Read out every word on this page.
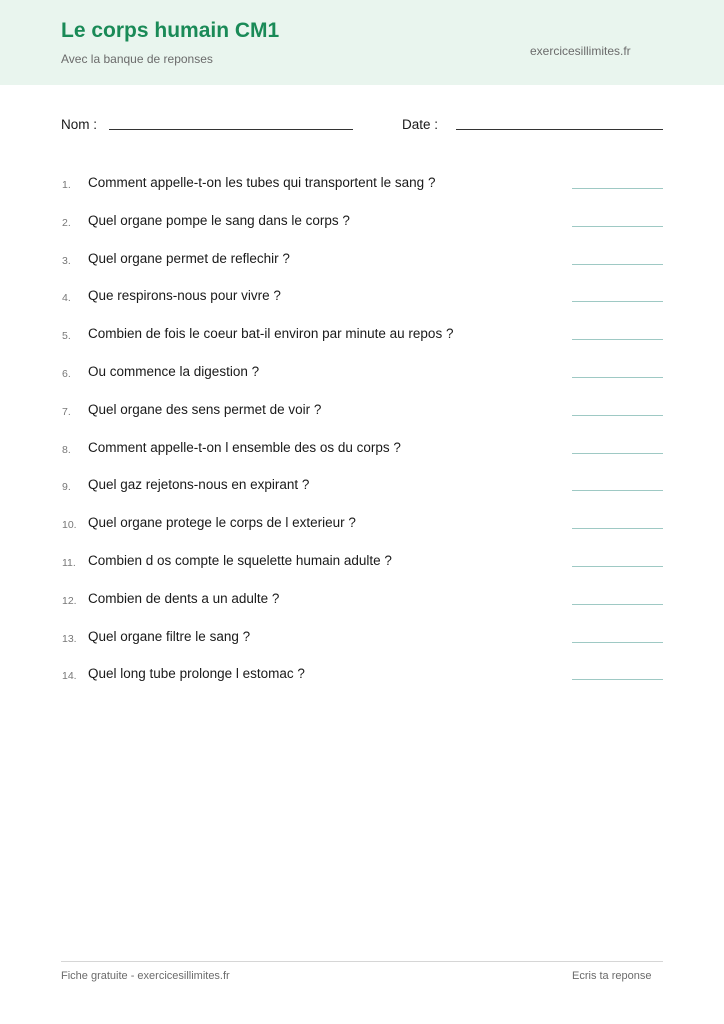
Le corps humain CM1
Avec la banque de reponses
exercicesillimites.fr
Nom :	Date :
1.	Comment appelle-t-on les tubes qui transportent le sang ?
2.	Quel organe pompe le sang dans le corps ?
3.	Quel organe permet de reflechir ?
4.	Que respirons-nous pour vivre ?
5.	Combien de fois le coeur bat-il environ par minute au repos ?
6.	Ou commence la digestion ?
7.	Quel organe des sens permet de voir ?
8.	Comment appelle-t-on l ensemble des os du corps ?
9.	Quel gaz rejetons-nous en expirant ?
10. Quel organe protege le corps de l exterieur ?
11. Combien d os compte le squelette humain adulte ?
12. Combien de dents a un adulte ?
13. Quel organe filtre le sang ?
14. Quel long tube prolonge l estomac ?
Fiche gratuite - exercicesillimites.fr	Ecris ta reponse
